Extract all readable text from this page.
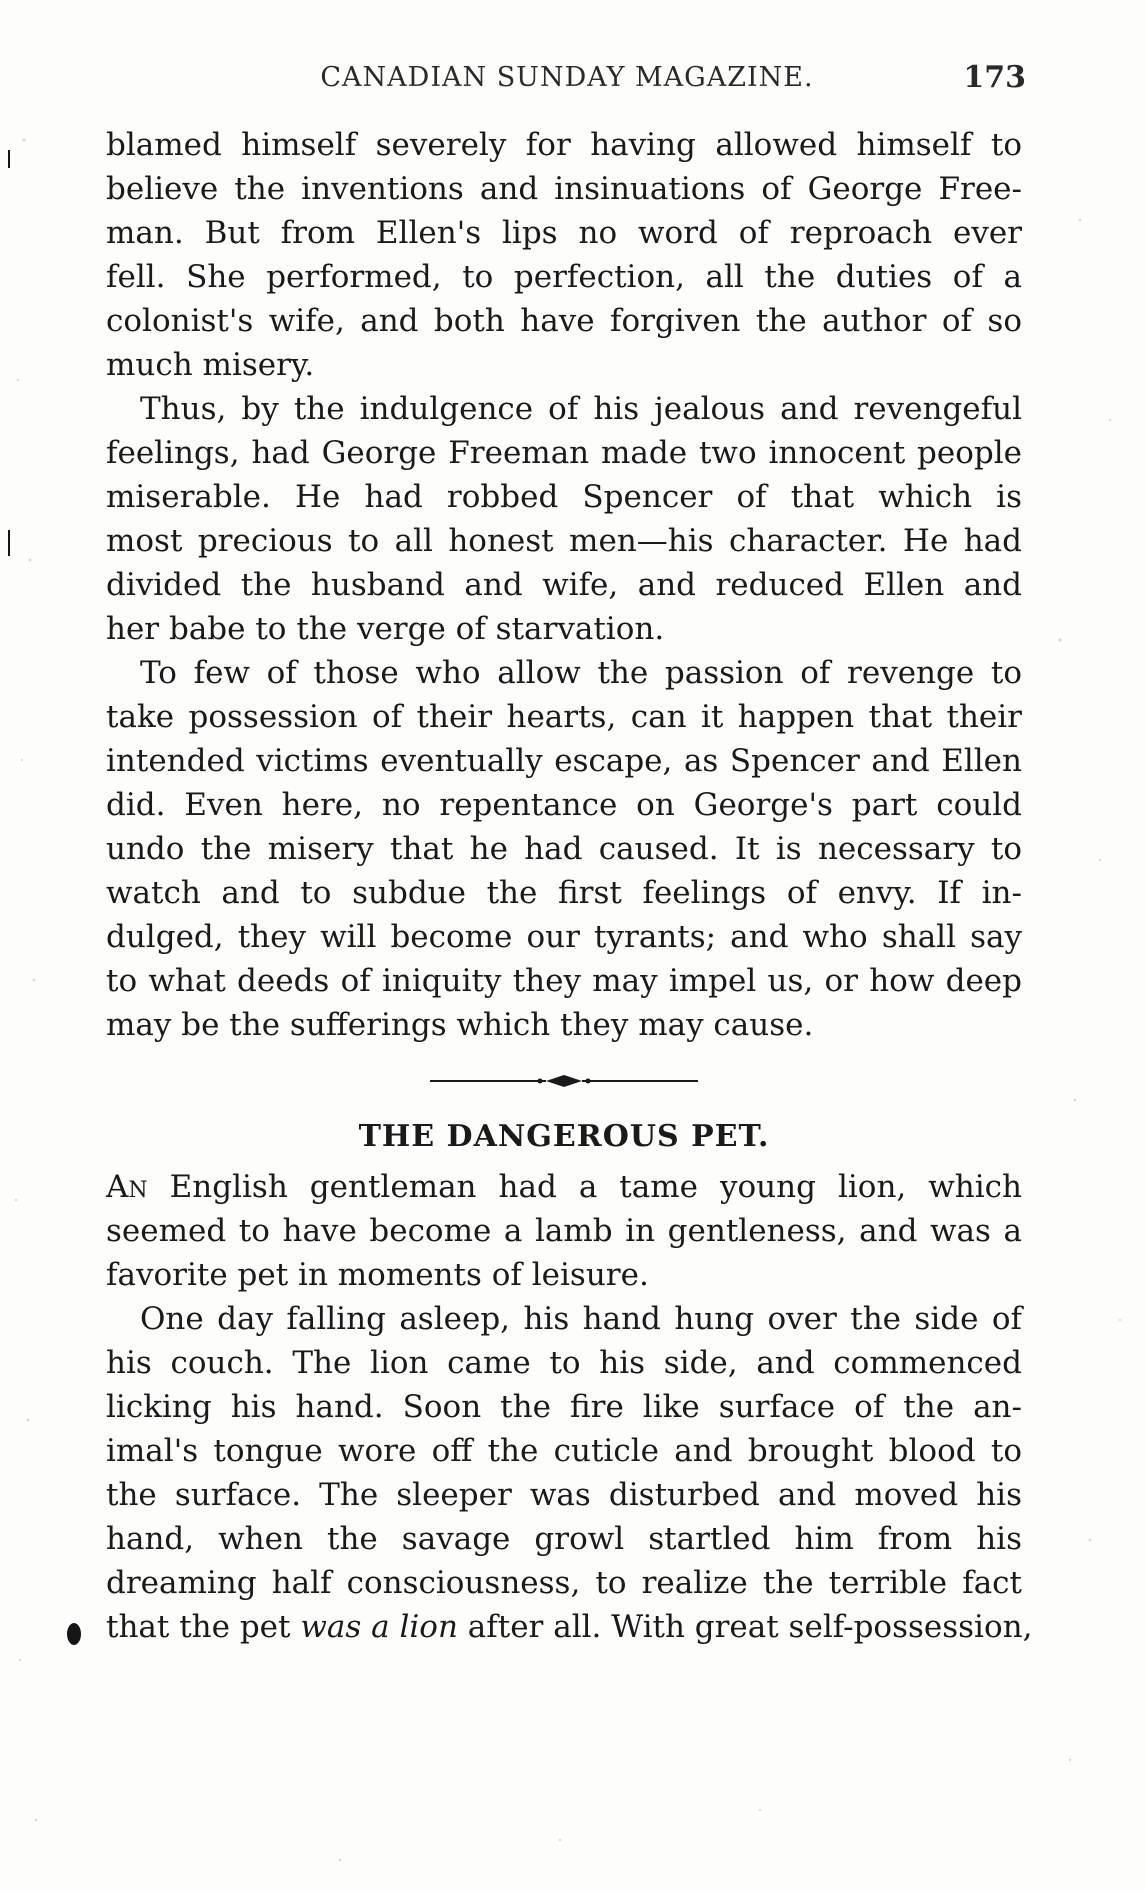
CANADIAN SUNDAY MAGAZINE.	173
blamed himself severely for having allowed himself to
believe the inventions and insinuations of George Free-
man. But from Ellen's lips no word of reproach ever
fell. She performed, to perfection, all the duties of a
colonist's wife, and both have forgiven the author of so
much misery.
Thus, by the indulgence of his jealous and revengeful
feelings, had George Freeman made two innocent people
miserable. He had robbed Spencer of that which is
most precious to all honest men—his character. He had
divided the husband and wife, and reduced Ellen and
her babe to the verge of starvation.
To few of those who allow the passion of revenge to
take possession of their hearts, can it happen that their
intended victims eventually escape, as Spencer and Ellen
did. Even here, no repentance on George's part could
undo the misery that he had caused. It is necessary to
watch and to subdue the first feelings of envy. If in-
dulged, they will become our tyrants; and who shall say
to what deeds of iniquity they may impel us, or how deep
may be the sufferings which they may cause.
THE DANGEROUS PET.
An English gentleman had a tame young lion, which
seemed to have become a lamb in gentleness, and was a
favorite pet in moments of leisure.
One day falling asleep, his hand hung over the side of
his couch. The lion came to his side, and commenced
licking his hand. Soon the fire like surface of the an-
imal's tongue wore off the cuticle and brought blood to
the surface. The sleeper was disturbed and moved his
hand, when the savage growl startled him from his
dreaming half consciousness, to realize the terrible fact
that the pet was a lion after all. With great self-possession,
